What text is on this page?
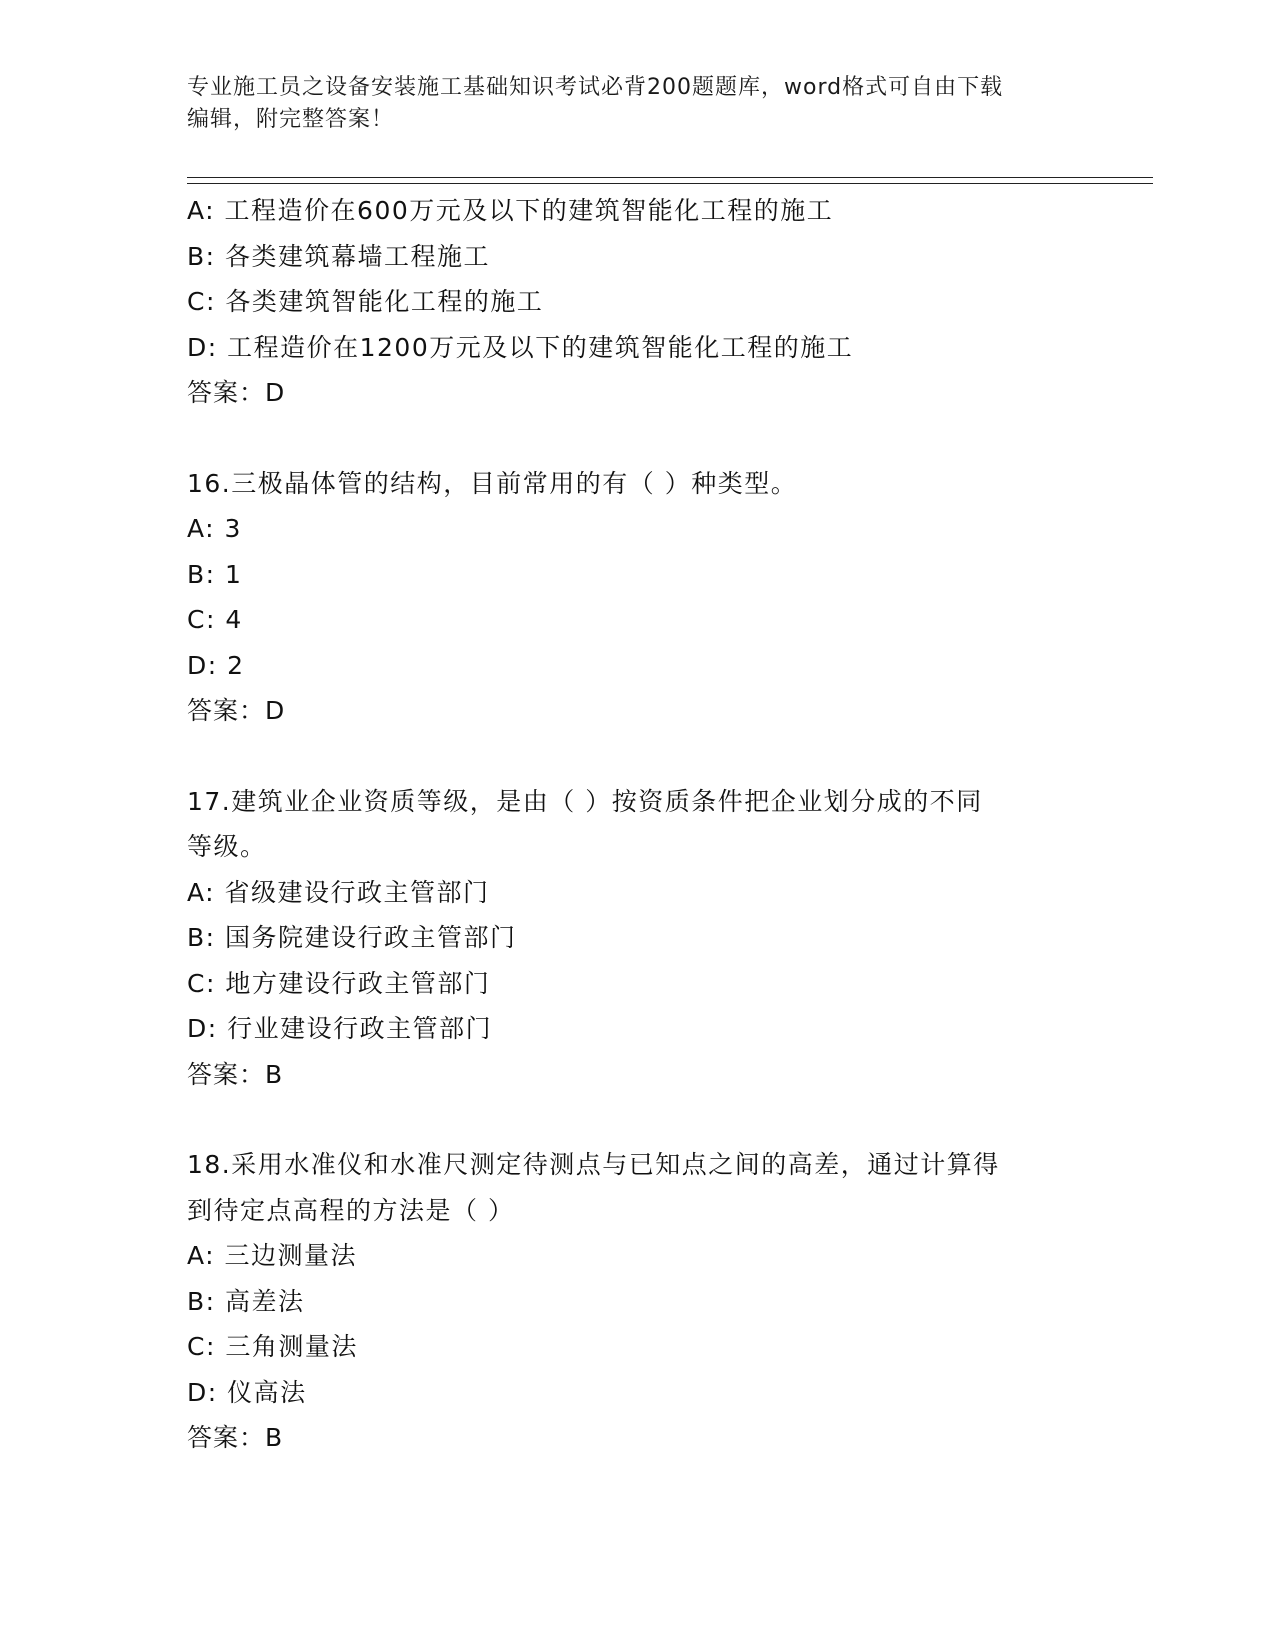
专业施工员之设备安装施工基础知识考试必背200题题库，word格式可自由下载
编辑，附完整答案！
A: 工程造价在600万元及以下的建筑智能化工程的施工
B: 各类建筑幕墙工程施工
C: 各类建筑智能化工程的施工
D: 工程造价在1200万元及以下的建筑智能化工程的施工
答案：D
16.三极晶体管的结构，目前常用的有（ ）种类型。
A: 3
B: 1
C: 4
D: 2
答案：D
17.建筑业企业资质等级，是由（ ）按资质条件把企业划分成的不同
等级。
A: 省级建设行政主管部门
B: 国务院建设行政主管部门
C: 地方建设行政主管部门
D: 行业建设行政主管部门
答案：B
18.采用水准仪和水准尺测定待测点与已知点之间的高差，通过计算得
到待定点高程的方法是（ ）
A: 三边测量法
B: 高差法
C: 三角测量法
D: 仪高法
答案：B
